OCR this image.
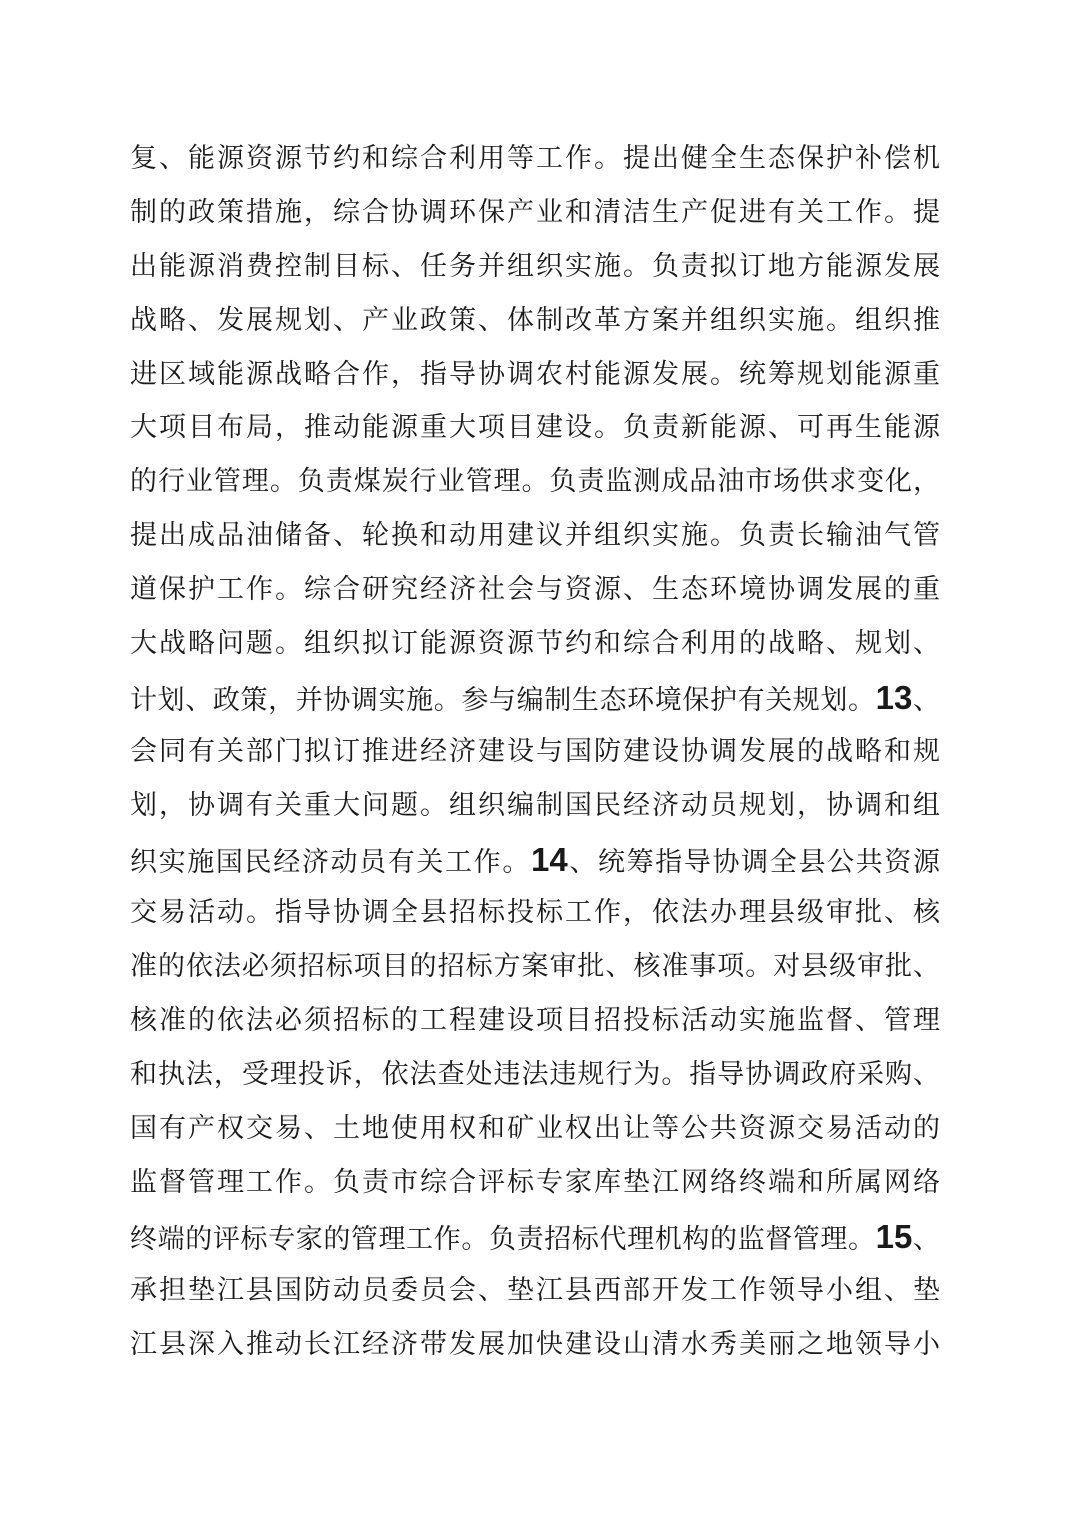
复、能源资源节约和综合利用等工作。提出健全生态保护补偿机
制的政策措施，综合协调环保产业和清洁生产促进有关工作。提
出能源消费控制目标、任务并组织实施。负责拟订地方能源发展
战略、发展规划、产业政策、体制改革方案并组织实施。组织推
进区域能源战略合作，指导协调农村能源发展。统筹规划能源重
大项目布局，推动能源重大项目建设。负责新能源、可再生能源
的行业管理。负责煤炭行业管理。负责监测成品油市场供求变化，
提出成品油储备、轮换和动用建议并组织实施。负责长输油气管
道保护工作。综合研究经济社会与资源、生态环境协调发展的重
大战略问题。组织拟订能源资源节约和综合利用的战略、规划、
计划、政策，并协调实施。参与编制生态环境保护有关规划。13、
会同有关部门拟订推进经济建设与国防建设协调发展的战略和规
划，协调有关重大问题。组织编制国民经济动员规划，协调和组
织实施国民经济动员有关工作。14、统筹指导协调全县公共资源
交易活动。指导协调全县招标投标工作，依法办理县级审批、核
准的依法必须招标项目的招标方案审批、核准事项。对县级审批、
核准的依法必须招标的工程建设项目招投标活动实施监督、管理
和执法，受理投诉，依法查处违法违规行为。指导协调政府采购、
国有产权交易、土地使用权和矿业权出让等公共资源交易活动的
监督管理工作。负责市综合评标专家库垫江网络终端和所属网络
终端的评标专家的管理工作。负责招标代理机构的监督管理。15、
承担垫江县国防动员委员会、垫江县西部开发工作领导小组、垫
江县深入推动长江经济带发展加快建设山清水秀美丽之地领导小
